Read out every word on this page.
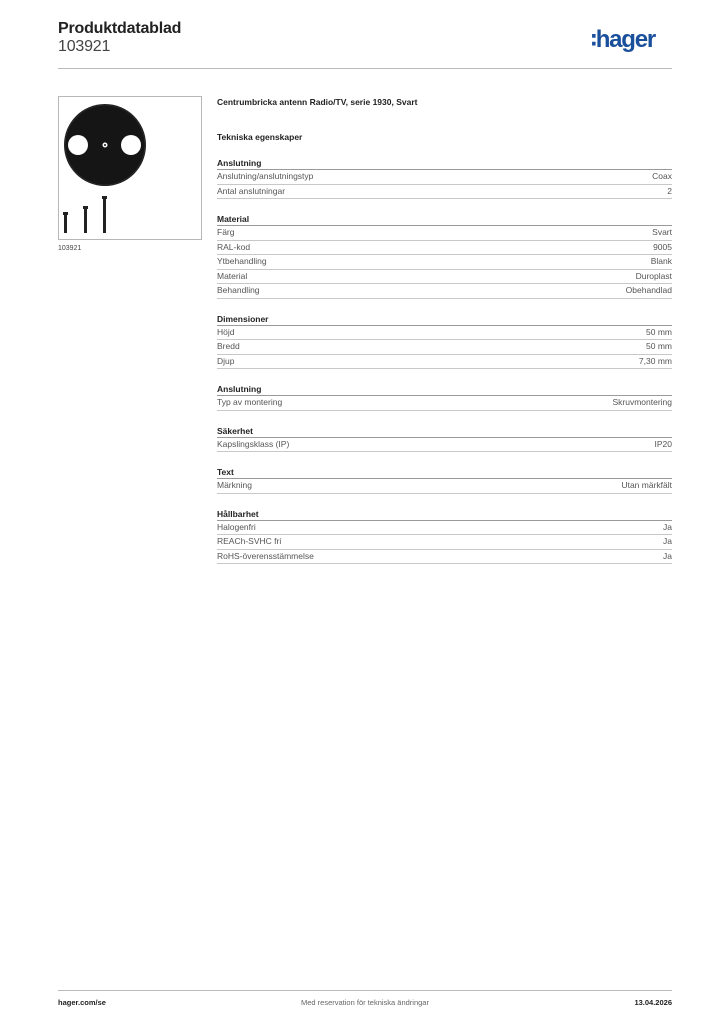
Produktdatablad
103921	∶hager
103921
Centrumbricka antenn Radio/TV, serie 1930, Svart
Tekniska egenskaper
Anslutning
Anslutning/anslutningstyp	Coax
Antal anslutningar	2
Material
Färg	Svart
RAL-kod	9005
Ytbehandling	Blank
Material	Duroplast
Behandling	Obehandlad
Dimensioner
Höjd	50 mm
Bredd	50 mm
Djup	7,30 mm
Anslutning
Typ av montering	Skruvmontering
Säkerhet
Kapslingsklass (IP)	IP20
Text
Märkning	Utan märkfält
Hållbarhet
Halogenfri	Ja
REACh-SVHC fri	Ja
RoHS-överensstämmelse	Ja
hager.com/se	Med reservation för tekniska ändringar	13.04.2026
